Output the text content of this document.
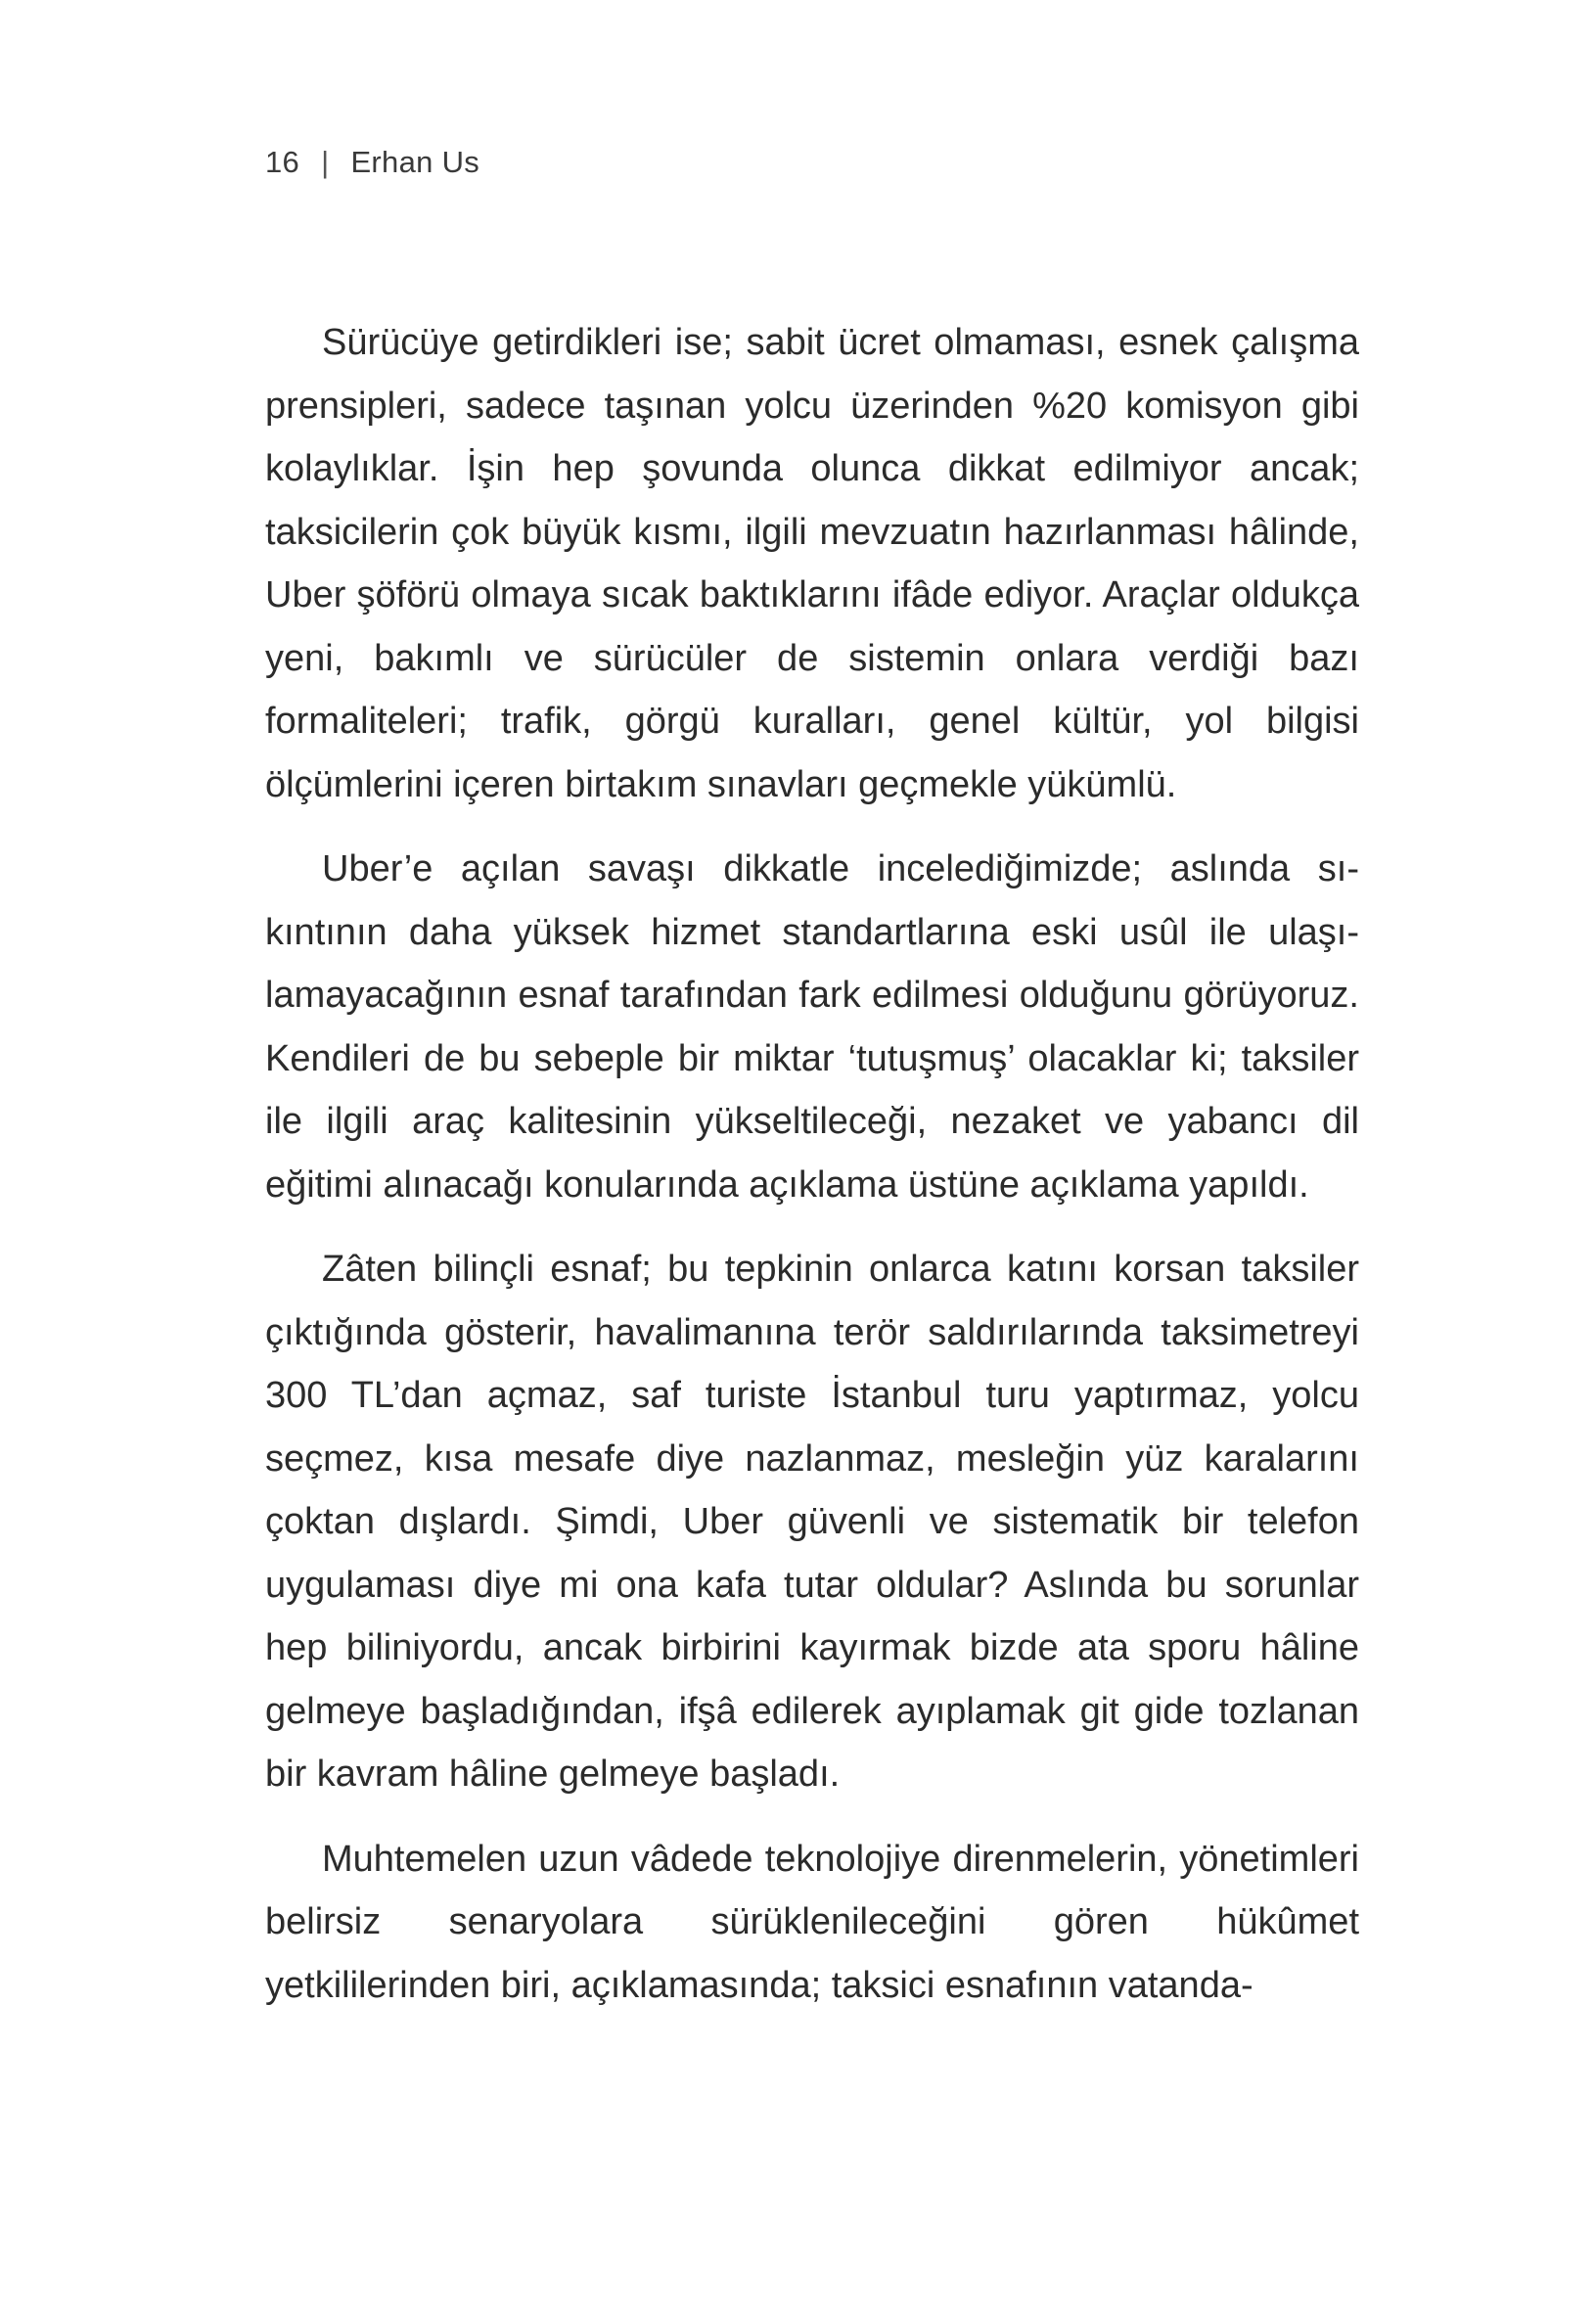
16 | Erhan Us

Sürücüye getirdikleri ise; sabit ücret olmaması, esnek çalışma prensipleri, sadece taşınan yolcu üzerinden %20 komisyon gibi kolaylıklar. İşin hep şovunda olunca dikkat edilmiyor ancak; taksicilerin çok büyük kısmı, ilgili mevzuatın hazırlanması hâlinde, Uber şöförü olmaya sıcak baktıklarını ifâde ediyor. Araçlar oldukça yeni, bakımlı ve sürücüler de sistemin onlara verdiği bazı formaliteleri; trafik, görgü kuralları, genel kültür, yol bilgisi ölçümlerini içeren birtakım sınavları geçmekle yükümlü.

Uber’e açılan savaşı dikkatle incelediğimizde; aslında sıkıntının daha yüksek hizmet standartlarına eski usûl ile ulaşılamayacağının esnaf tarafından fark edilmesi olduğunu görüyoruz. Kendileri de bu sebeple bir miktar ‘tutuşmuş’ olacaklar ki; taksiler ile ilgili araç kalitesinin yükseltileceği, nezaket ve yabancı dil eğitimi alınacağı konularında açıklama üstüne açıklama yapıldı.

Zâten bilinçli esnaf; bu tepkinin onlarca katını korsan taksiler çıktığında gösterir, havalimanına terör saldırılarında taksimetreyi 300 TL’dan açmaz, saf turiste İstanbul turu yaptırmaz, yolcu seçmez, kısa mesafe diye nazlanmaz, mesleğin yüz karalarını çoktan dışlardı. Şimdi, Uber güvenli ve sistematik bir telefon uygulaması diye mi ona kafa tutar oldular? Aslında bu sorunlar hep biliniyordu, ancak birbirini kayırmak bizde ata sporu hâline gelmeye başladığından, ifşâ edilerek ayıplamak git gide tozlanan bir kavram hâline gelmeye başladı.

Muhtemelen uzun vâdede teknolojiye direnmelerin, yönetimleri belirsiz senaryolara sürüklenileceğini gören hükûmet yetkililerinden biri, açıklamasında; taksici esnafının vatanda-
